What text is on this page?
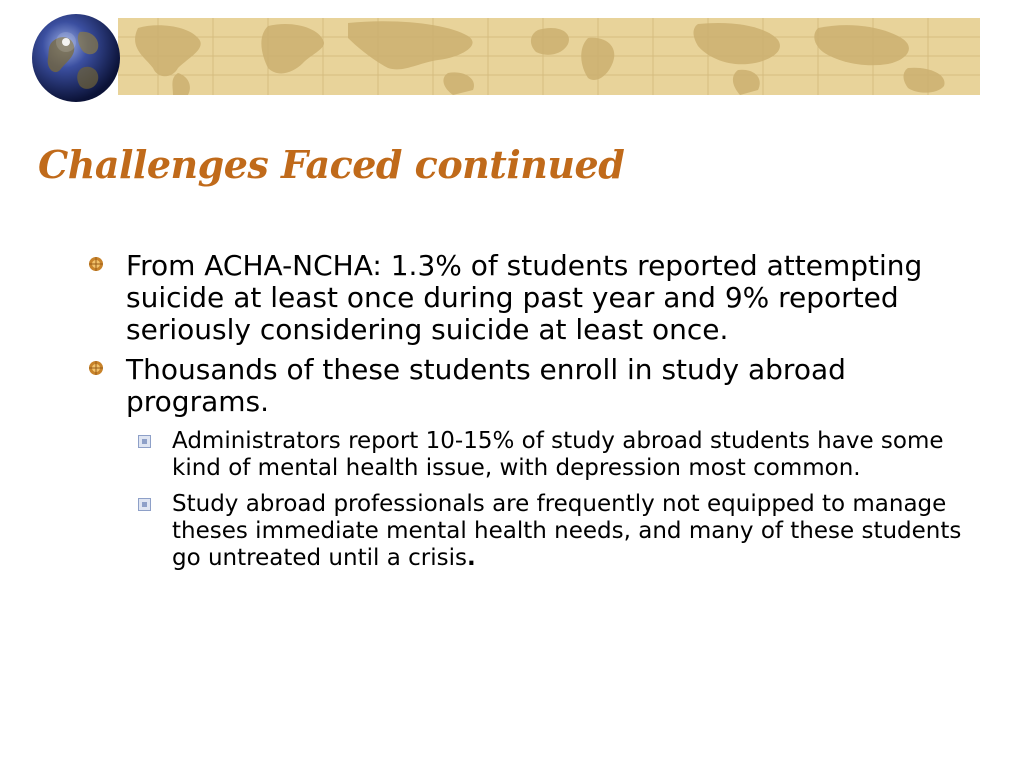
Challenges Faced continued
From ACHA-NCHA: 1.3% of students reported attempting suicide at least once during past year and 9% reported seriously considering suicide at least once.
Thousands of these students enroll in study abroad programs.
Administrators report 10-15% of study abroad students have some kind of mental health issue, with depression most common.
Study abroad professionals are frequently not equipped to manage theses immediate mental health needs, and many of these students go untreated until a crisis.
